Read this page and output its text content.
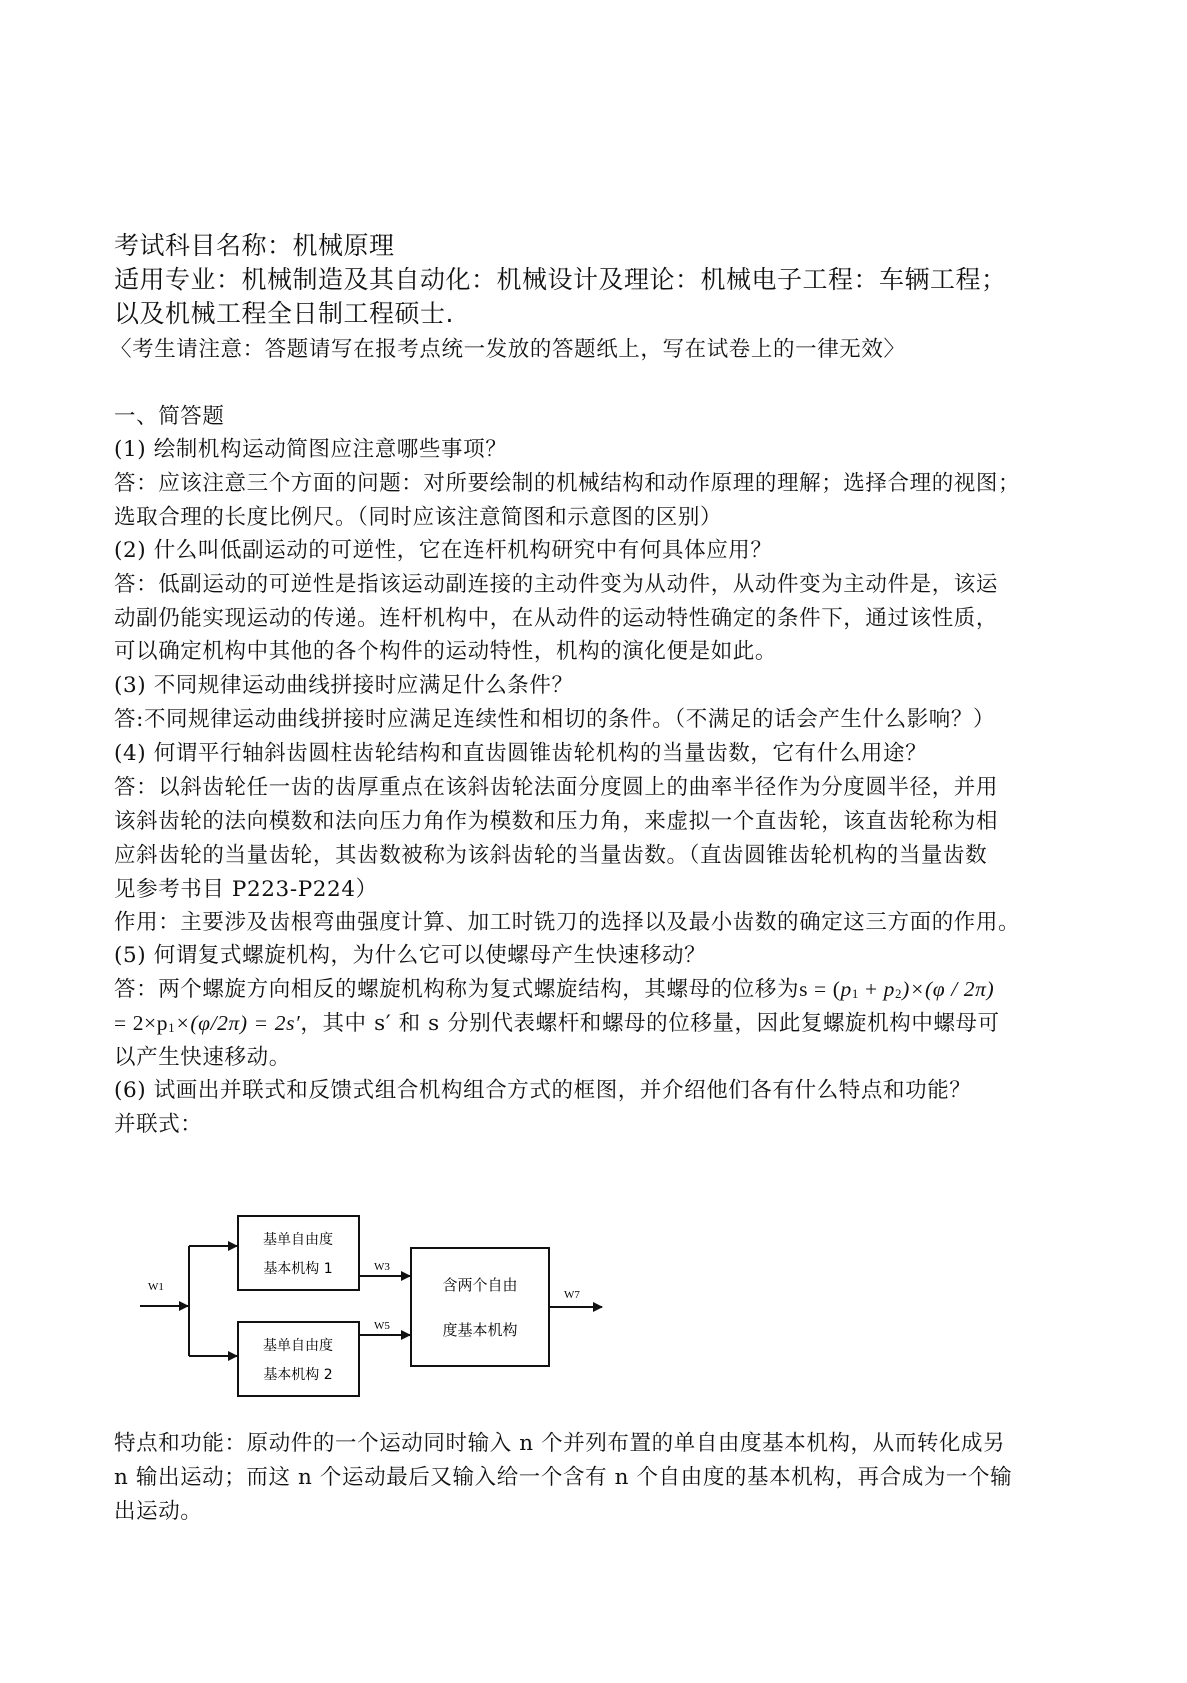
考试科目名称：机械原理
适用专业：机械制造及其自动化：机械设计及理论：机械电子工程：车辆工程；
以及机械工程全日制工程硕士.
〈考生请注意：答题请写在报考点统一发放的答题纸上，写在试卷上的一律无效〉
一、简答题
(1) 绘制机构运动简图应注意哪些事项？
答：应该注意三个方面的问题：对所要绘制的机械结构和动作原理的理解；选择合理的视图；
选取合理的长度比例尺。（同时应该注意简图和示意图的区别）
(2) 什么叫低副运动的可逆性，它在连杆机构研究中有何具体应用？
答：低副运动的可逆性是指该运动副连接的主动件变为从动件，从动件变为主动件是，该运
动副仍能实现运动的传递。连杆机构中，在从动件的运动特性确定的条件下，通过该性质，
可以确定机构中其他的各个构件的运动特性，机构的演化便是如此。
(3) 不同规律运动曲线拼接时应满足什么条件？
答:不同规律运动曲线拼接时应满足连续性和相切的条件。（不满足的话会产生什么影响？）
(4) 何谓平行轴斜齿圆柱齿轮结构和直齿圆锥齿轮机构的当量齿数，它有什么用途？
答：以斜齿轮任一齿的齿厚重点在该斜齿轮法面分度圆上的曲率半径作为分度圆半径，并用
该斜齿轮的法向模数和法向压力角作为模数和压力角，来虚拟一个直齿轮，该直齿轮称为相
应斜齿轮的当量齿轮，其齿数被称为该斜齿轮的当量齿数。（直齿圆锥齿轮机构的当量齿数
见参考书目 P223-P224）
作用：主要涉及齿根弯曲强度计算、加工时铣刀的选择以及最小齿数的确定这三方面的作用。
(5) 何谓复式螺旋机构，为什么它可以使螺母产生快速移动？
答：两个螺旋方向相反的螺旋机构称为复式螺旋结构，其螺母的位移为$s = (p_1 + p_2)\times(\varphi / 2\pi)$
= $2\times p_1\times(\varphi/2\pi) = 2s'$，其中 s′ 和 s 分别代表螺杆和螺母的位移量，因此复螺旋机构中螺母可
以产生快速移动。
(6) 试画出并联式和反馈式组合机构组合方式的框图，并介绍他们各有什么特点和功能？
并联式：
W1
W3
W5
W7
基单自由度
基本机构 1
基单自由度
基本机构 2
含两个自由
度基本机构
特点和功能：原动件的一个运动同时输入 n 个并列布置的单自由度基本机构，从而转化成另
n 输出运动；而这 n 个运动最后又输入给一个含有 n 个自由度的基本机构，再合成为一个输
出运动。
